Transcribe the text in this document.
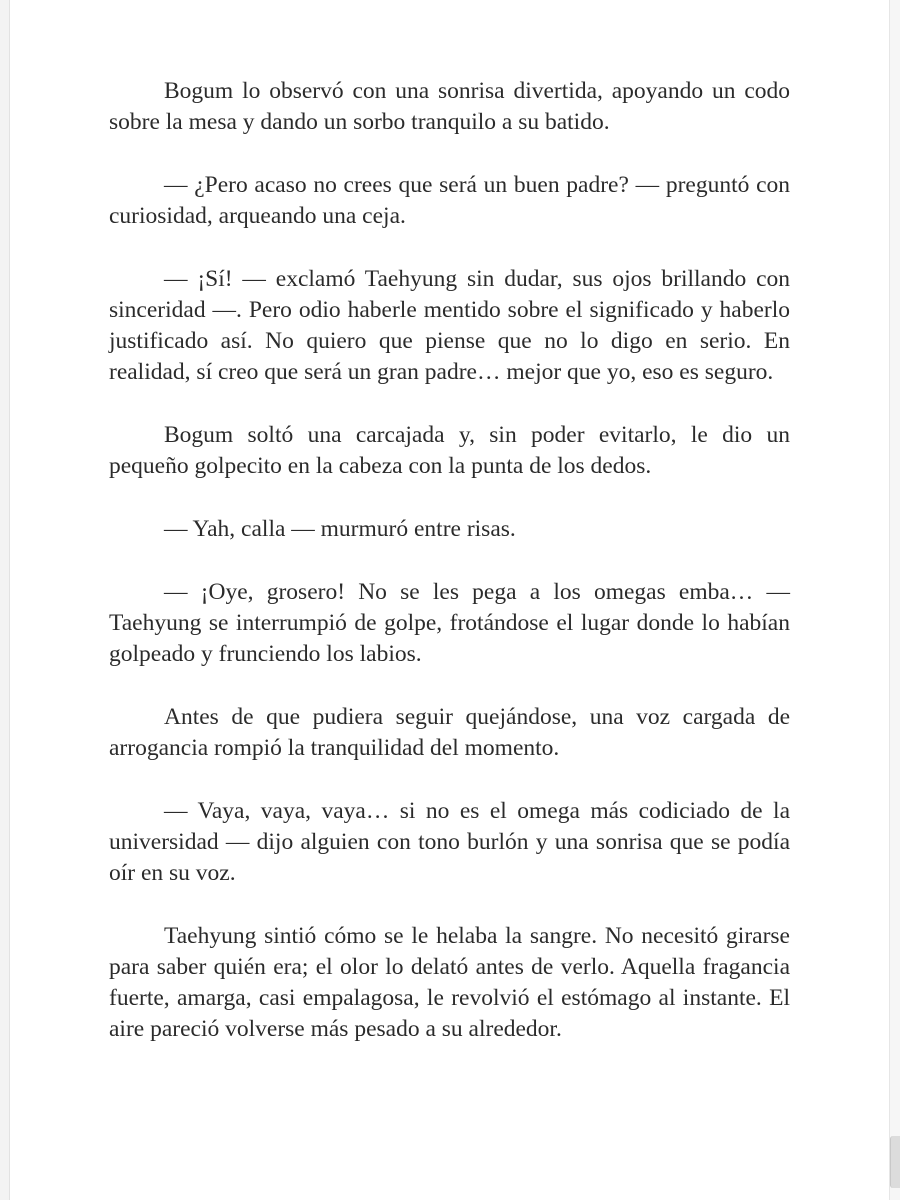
Bogum lo observó con una sonrisa divertida, apoyando un codo sobre la mesa y dando un sorbo tranquilo a su batido.

— ¿Pero acaso no crees que será un buen padre? — preguntó con curiosidad, arqueando una ceja.

— ¡Sí! — exclamó Taehyung sin dudar, sus ojos brillando con sinceridad —. Pero odio haberle mentido sobre el significado y haberlo justificado así. No quiero que piense que no lo digo en serio. En realidad, sí creo que será un gran padre… mejor que yo, eso es seguro.

Bogum soltó una carcajada y, sin poder evitarlo, le dio un pequeño golpecito en la cabeza con la punta de los dedos.

— Yah, calla — murmuró entre risas.

— ¡Oye, grosero! No se les pega a los omegas emba… — Taehyung se interrumpió de golpe, frotándose el lugar donde lo habían golpeado y frunciendo los labios.

Antes de que pudiera seguir quejándose, una voz cargada de arrogancia rompió la tranquilidad del momento.

— Vaya, vaya, vaya… si no es el omega más codiciado de la universidad — dijo alguien con tono burlón y una sonrisa que se podía oír en su voz.

Taehyung sintió cómo se le helaba la sangre. No necesitó girarse para saber quién era; el olor lo delató antes de verlo. Aquella fragancia fuerte, amarga, casi empalagosa, le revolvió el estómago al instante. El aire pareció volverse más pesado a su alrededor.
